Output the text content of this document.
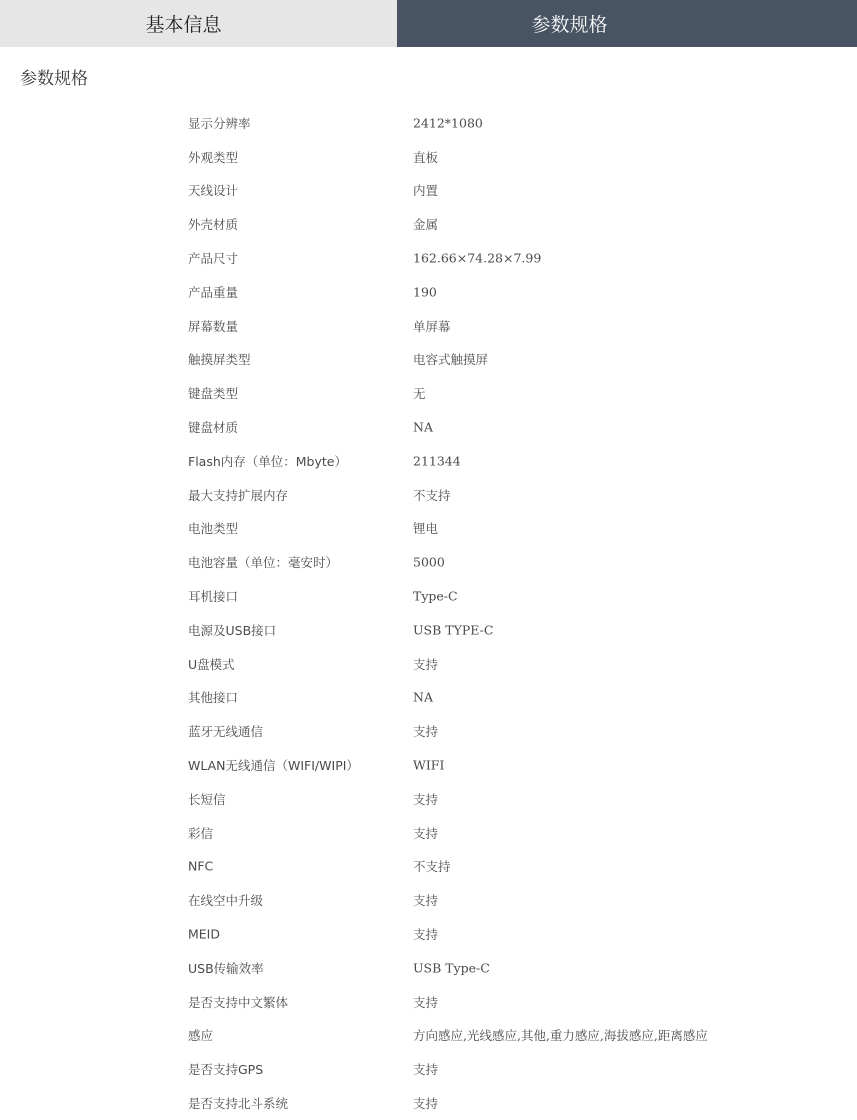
基本信息	参数规格
参数规格
显示分辨率	2412*1080
外观类型	直板
天线设计	内置
外壳材质	金属
产品尺寸	162.66×74.28×7.99
产品重量	190
屏幕数量	单屏幕
触摸屏类型	电容式触摸屏
键盘类型	无
键盘材质	NA
Flash内存（单位：Mbyte）	211344
最大支持扩展内存	不支持
电池类型	锂电
电池容量（单位：毫安时）	5000
耳机接口	Type-C
电源及USB接口	USB TYPE-C
U盘模式	支持
其他接口	NA
蓝牙无线通信	支持
WLAN无线通信（WIFI/WIPI）	WIFI
长短信	支持
彩信	支持
NFC	不支持
在线空中升级	支持
MEID	支持
USB传输效率	USB Type-C
是否支持中文繁体	支持
感应	方向感应,光线感应,其他,重力感应,海拔感应,距离感应
是否支持GPS	支持
是否支持北斗系统	支持
